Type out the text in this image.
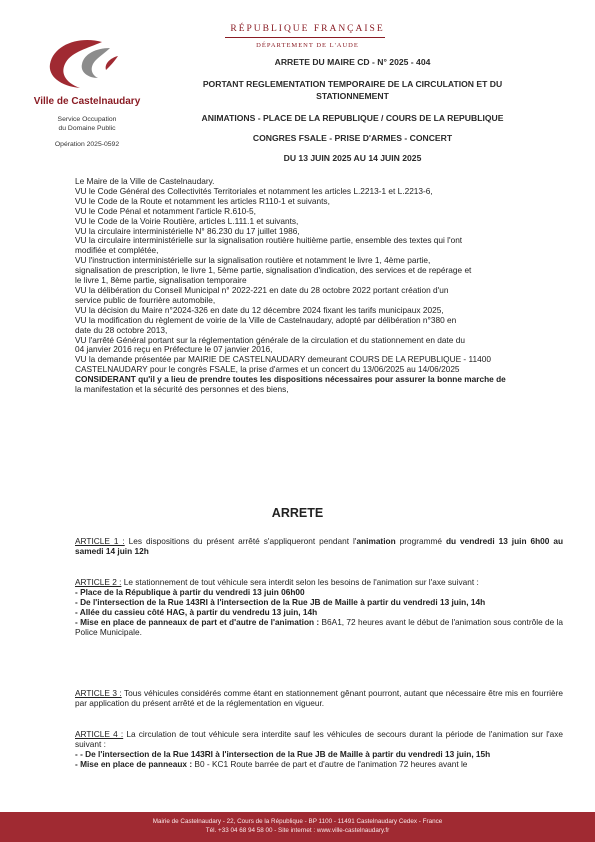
RÉPUBLIQUE FRANÇAISE
DÉPARTEMENT DE L'AUDE
ARRETE DU MAIRE CD - N° 2025 - 404
PORTANT REGLEMENTATION TEMPORAIRE DE LA CIRCULATION ET DU
STATIONNEMENT
ANIMATIONS - PLACE DE LA REPUBLIQUE / COURS DE LA REPUBLIQUE
CONGRES FSALE - PRISE D'ARMES - CONCERT
DU 13 JUIN 2025 AU 14 JUIN 2025
Ville de Castelnaudary
Service Occupation
du Domaine Public
Opération 2025-0592
Le Maire de la Ville de Castelnaudary.
VU le Code Général des Collectivités Territoriales et notamment les articles L.2213-1 et L.2213-6,
VU le Code de la Route et notamment les articles R110-1 et suivants,
VU le Code Pénal et notamment l'article R.610-5,
VU le Code de la Voirie Routière, articles L.111.1 et suivants,
VU la circulaire interministérielle N° 86.230 du 17 juillet 1986,
VU la circulaire interministérielle sur la signalisation routière huitième partie, ensemble des textes qui l'ont
modifiée et complétée,
VU l'instruction interministérielle sur la signalisation routière et notamment le livre 1, 4ème partie,
signalisation de prescription, le livre 1, 5ème partie, signalisation d'indication, des services et de repérage et
le livre 1, 8ème partie, signalisation temporaire
VU la délibération du Conseil Municipal n° 2022-221 en date du 28 octobre 2022 portant création d'un
service public de fourrière automobile,
VU la décision du Maire n°2024-326 en date du 12 décembre 2024 fixant les tarifs municipaux 2025,
VU la modification du règlement de voirie de la Ville de Castelnaudary, adopté par délibération n°380 en
date du 28 octobre 2013,
VU l'arrêté Général portant sur la réglementation générale de la circulation et du stationnement en date du
04 janvier 2016 reçu en Préfecture le 07 janvier 2016,
VU la demande présentée par MAIRIE DE CASTELNAUDARY demeurant COURS DE LA REPUBLIQUE - 11400
CASTELNAUDARY pour le congrès FSALE, la prise d'armes et un concert du 13/06/2025 au 14/06/2025
CONSIDERANT qu'il y a lieu de prendre toutes les dispositions nécessaires pour assurer la bonne marche de
la manifestation et la sécurité des personnes et des biens,
ARRETE
ARTICLE 1 : Les dispositions du présent arrêté s'appliqueront pendant l'animation programmé du vendredi 13 juin 6h00 au samedi 14 juin 12h
ARTICLE 2 : Le stationnement de tout véhicule sera interdit selon les besoins de l'animation sur l'axe suivant :
- Place de la République à partir du vendredi 13 juin 06h00
- De l'intersection de la Rue 143RI à l'intersection de la Rue JB de Maille à partir du vendredi 13 juin, 14h
- Allée du cassieu côté HAG, à partir du vendredu 13 juin, 14h
- Mise en place de panneaux de part et d'autre de l'animation : B6A1, 72 heures avant le début de l'animation sous contrôle de la Police Municipale.
ARTICLE 3 : Tous véhicules considérés comme étant en stationnement gênant pourront, autant que nécessaire être mis en fourrière par application du présent arrêté et de la réglementation en vigueur.
ARTICLE 4 : La circulation de tout véhicule sera interdite sauf les véhicules de secours durant la période de l'animation sur l'axe suivant :
- - De l'intersection de la Rue 143RI à l'intersection de la Rue JB de Maille à partir du vendredi 13 juin, 15h
- Mise en place de panneaux : B0 - KC1 Route barrée de part et d'autre de l'animation 72 heures avant le
Mairie de Castelnaudary - 22, Cours de la République - BP 1100 - 11491 Castelnaudary Cedex - France
Tél. +33 04 68 94 58 00 - Site internet : www.ville-castelnaudary.fr
